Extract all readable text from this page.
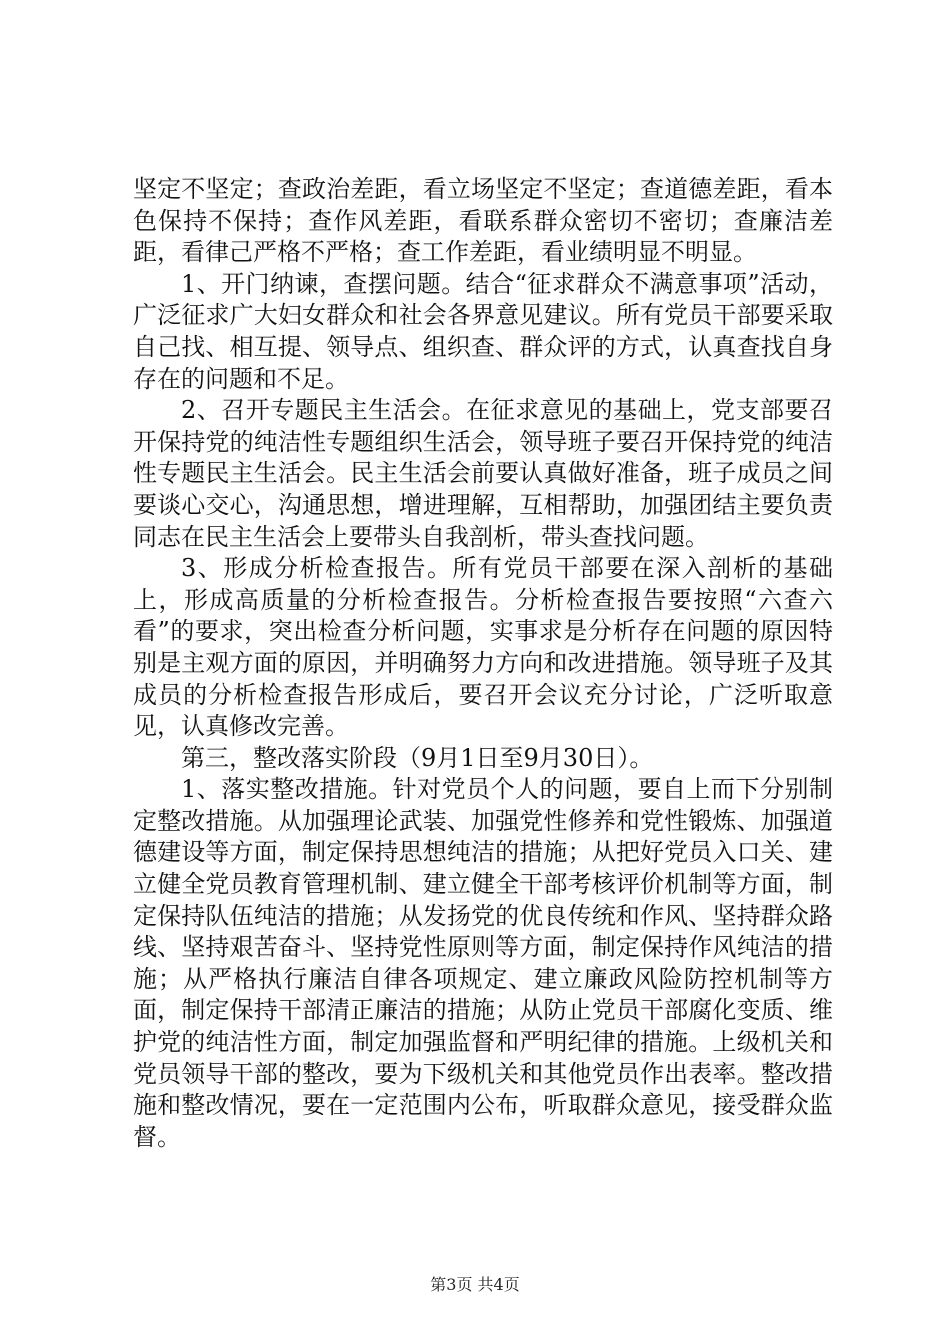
坚定不坚定；查政治差距，看立场坚定不坚定；查道德差距，看本色保持不保持；查作风差距，看联系群众密切不密切；查廉洁差距，看律己严格不严格；查工作差距，看业绩明显不明显。

1、开门纳谏，查摆问题。结合“征求群众不满意事项”活动，广泛征求广大妇女群众和社会各界意见建议。所有党员干部要采取自己找、相互提、领导点、组织查、群众评的方式，认真查找自身存在的问题和不足。

2、召开专题民主生活会。在征求意见的基础上，党支部要召开保持党的纯洁性专题组织生活会，领导班子要召开保持党的纯洁性专题民主生活会。民主生活会前要认真做好准备，班子成员之间要谈心交心，沟通思想，增进理解，互相帮助，加强团结主要负责同志在民主生活会上要带头自我剖析，带头查找问题。

3、形成分析检查报告。所有党员干部要在深入剖析的基础上，形成高质量的分析检查报告。分析检查报告要按照“六查六看”的要求，突出检查分析问题，实事求是分析存在问题的原因特别是主观方面的原因，并明确努力方向和改进措施。领导班子及其成员的分析检查报告形成后，要召开会议充分讨论，广泛听取意见，认真修改完善。

第三，整改落实阶段（9月1日至9月30日）。

1、落实整改措施。针对党员个人的问题，要自上而下分别制定整改措施。从加强理论武装、加强党性修养和党性锻炼、加强道德建设等方面，制定保持思想纯洁的措施；从把好党员入口关、建立健全党员教育管理机制、建立健全干部考核评价机制等方面，制定保持队伍纯洁的措施；从发扬党的优良传统和作风、坚持群众路线、坚持艰苦奋斗、坚持党性原则等方面，制定保持作风纯洁的措施；从严格执行廉洁自律各项规定、建立廉政风险防控机制等方面，制定保持干部清正廉洁的措施；从防止党员干部腐化变质、维护党的纯洁性方面，制定加强监督和严明纪律的措施。上级机关和党员领导干部的整改，要为下级机关和其他党员作出表率。整改措施和整改情况，要在一定范围内公布，听取群众意见，接受群众监督。

第3页 共4页
